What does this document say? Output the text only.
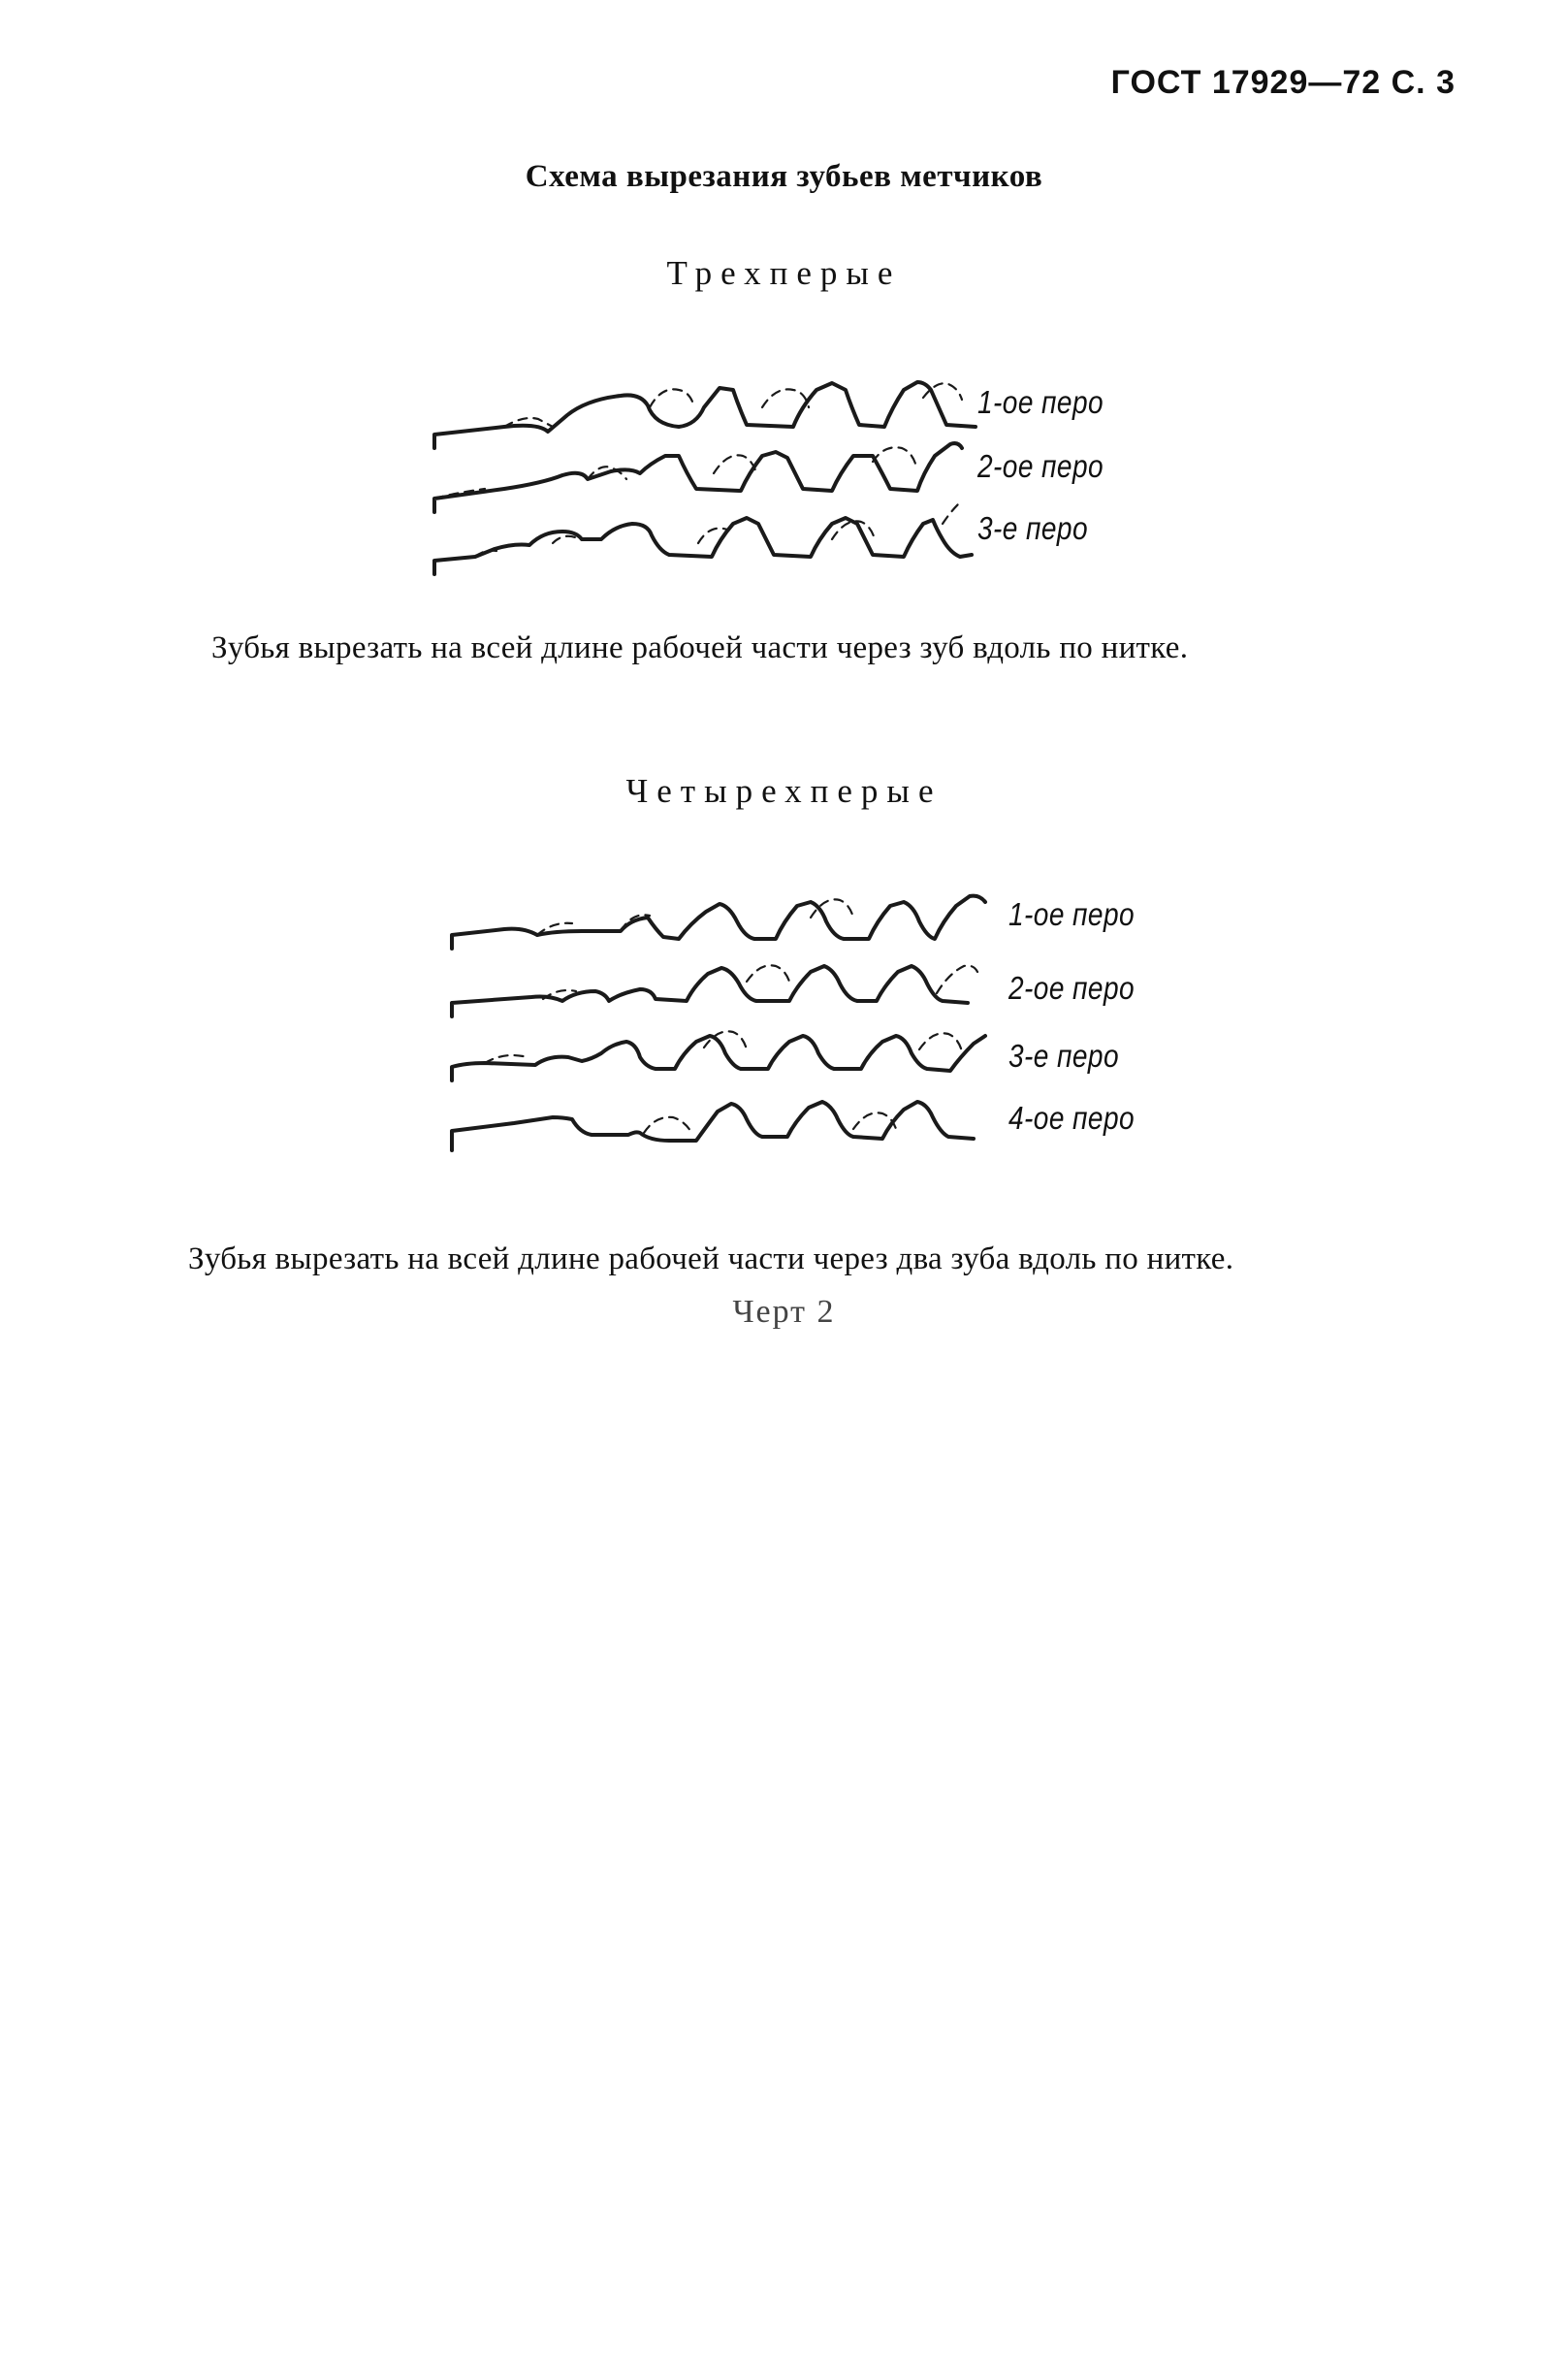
ГОСТ 17929—72 С. 3
Схема вырезания зубьев метчиков
Трехперые
1-ое перо
2-ое перо
3-е перо
Зубья вырезать на всей длине рабочей части через зуб вдоль по нитке.
Четырехперые
1-ое перо
2-ое перо
3-е перо
4-ое перо
Зубья вырезать на всей длине рабочей части через два зуба вдоль по нитке.
Черт 2
